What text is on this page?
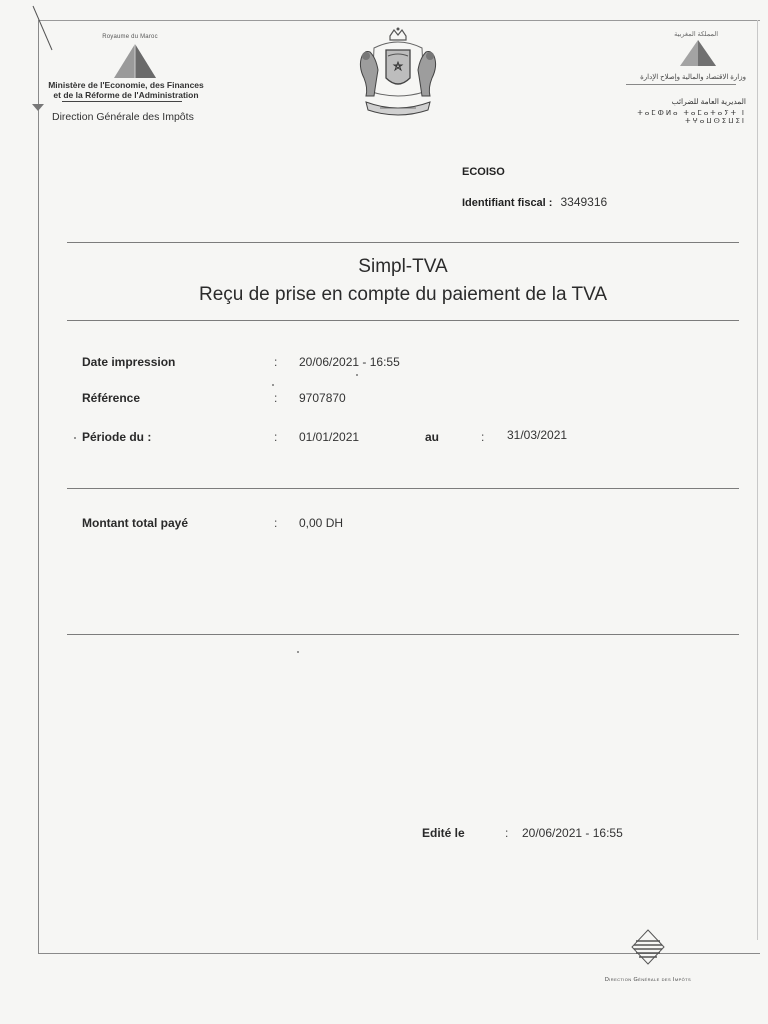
Royaume du Maroc
Ministère de l'Economie, des Finances
et de la Réforme de l'Administration
Direction Générale des Impôts
المملكة المغربية
وزارة الاقتصاد والمالية وإصلاح الإدارة
المديرية العامة للضرائب
ⵜⴰⵎⵀⵍⴰ ⵜⴰⵎⴰⵜⴰⵢⵜ ⵏ ⵜⵖⴰⵡⵙⵉⵡⵉⵏ
ECOISO
Identifiant fiscal : 3349316
Simpl-TVA
Reçu de prise en compte du paiement de la TVA
Date impression	: 20/06/2021 - 16:55
Référence	: 9707870
Période du :	: 01/01/2021	au	: 31/03/2021
Montant total payé	: 0,00 DH
Edité le	: 20/06/2021 - 16:55
Direction Générale des Impôts
